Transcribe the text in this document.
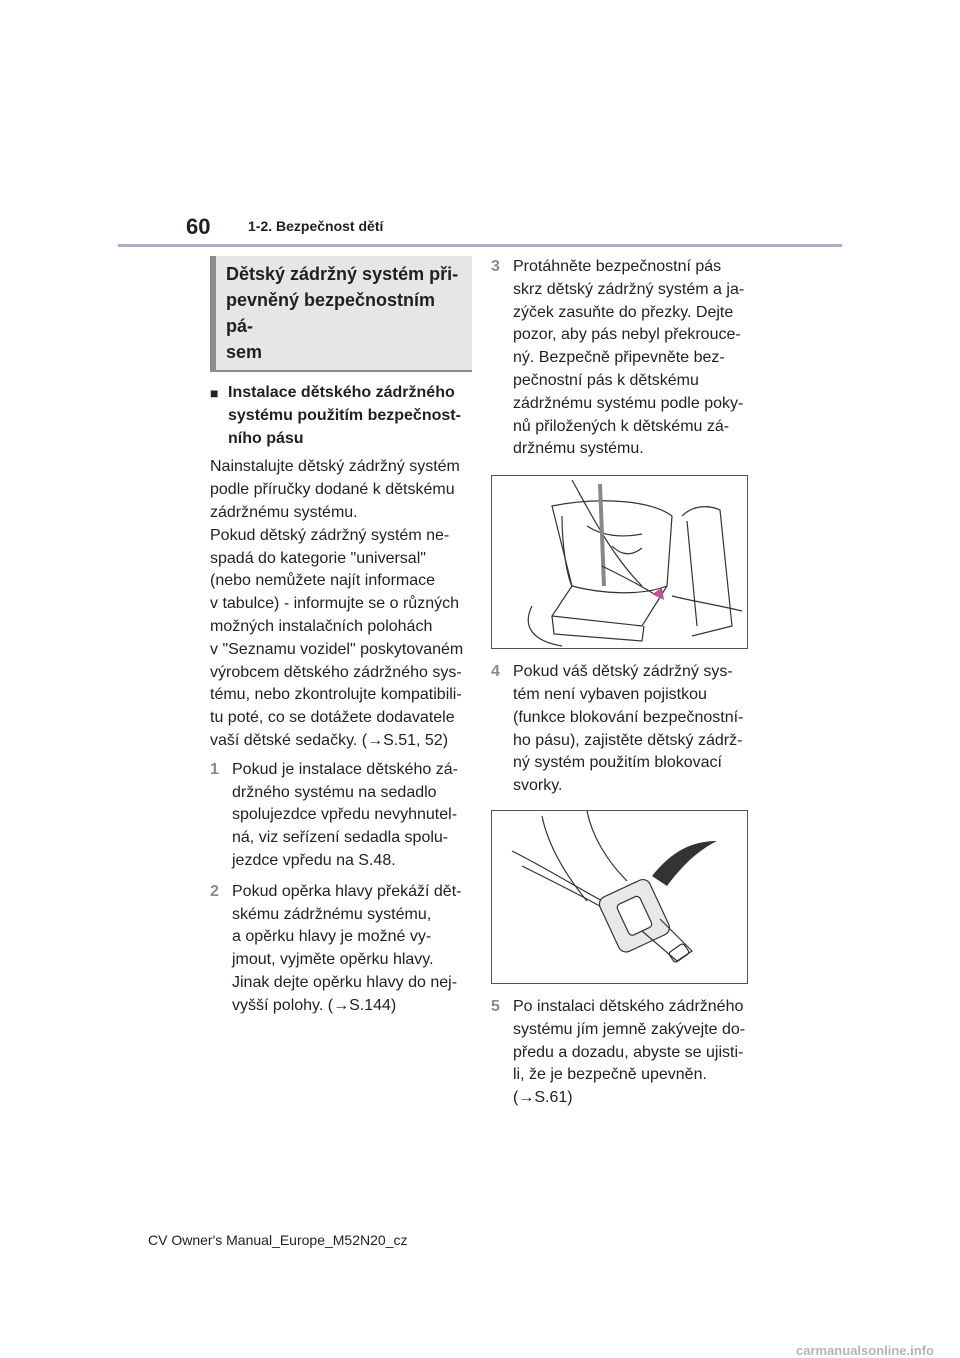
60	1-2. Bezpečnost dětí
Dětský zádržný systém při-
pevněný bezpečnostním pá-
sem
■ Instalace dětského zádržného
systému použitím bezpečnost-
ního pásu
Nainstalujte dětský zádržný systém
podle příručky dodané k dětskému
zádržnému systému.
Pokud dětský zádržný systém ne-
spadá do kategorie "universal"
(nebo nemůžete najít informace
v tabulce) - informujte se o různých
možných instalačních polohách
v "Seznamu vozidel" poskytovaném
výrobcem dětského zádržného sys-
tému, nebo zkontrolujte kompatibili-
tu poté, co se dotážete dodavatele
vaší dětské sedačky. (→S.51, 52)
1 Pokud je instalace dětského zá-
držného systému na sedadlo
spolujezdce vpředu nevyhnutel-
ná, viz seřízení sedadla spolu-
jezdce vpředu na S.48.
2 Pokud opěrka hlavy překáží dět-
skému zádržnému systému,
a opěrku hlavy je možné vy-
jmout, vyjměte opěrku hlavy.
Jinak dejte opěrku hlavy do nej-
vyšší polohy. (→S.144)
3 Protáhněte bezpečnostní pás
skrz dětský zádržný systém a ja-
zýček zasuňte do přezky. Dejte
pozor, aby pás nebyl překrouce-
ný. Bezpečně připevněte bez-
pečnostní pás k dětskému
zádržnému systému podle poky-
nů přiložených k dětskému zá-
držnému systému.
4 Pokud váš dětský zádržný sys-
tém není vybaven pojistkou
(funkce blokování bezpečnostní-
ho pásu), zajistěte dětský zádrž-
ný systém použitím blokovací
svorky.
5 Po instalaci dětského zádržného
systému jím jemně zakývejte do-
předu a dozadu, abyste se ujisti-
li, že je bezpečně upevněn.
(→S.61)
CV Owner's Manual_Europe_M52N20_cz
carmanualsonline.info
